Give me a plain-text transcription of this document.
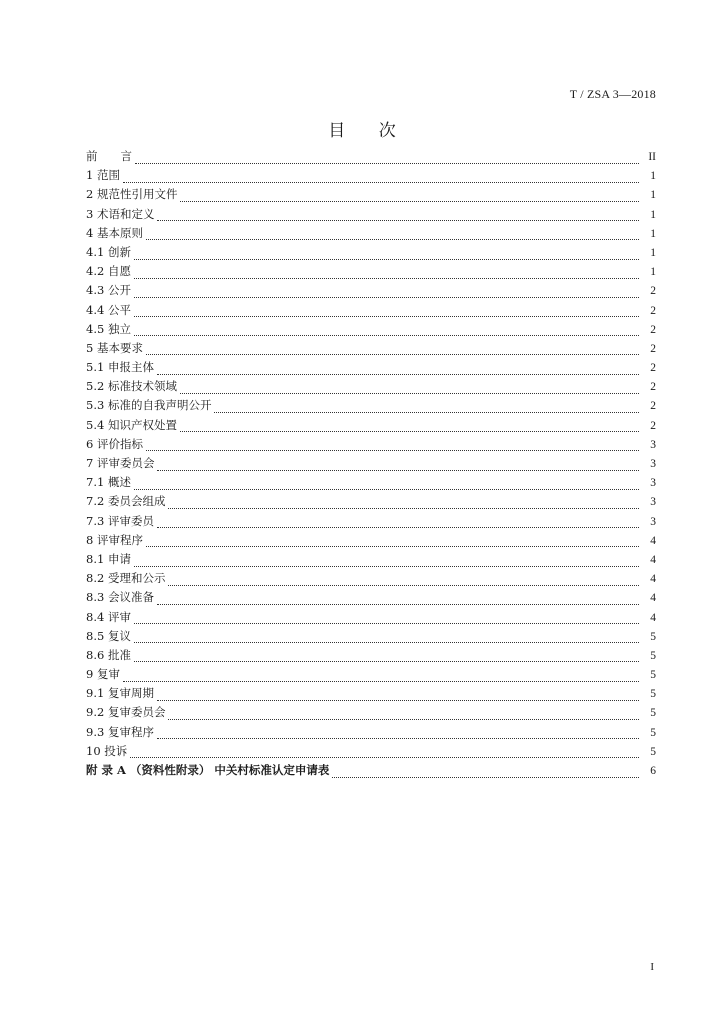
T / ZSA 3—2018
目 次
前　　言	II
1 范围	1
2 规范性引用文件	1
3 术语和定义	1
4 基本原则	1
4.1 创新	1
4.2 自愿	1
4.3 公开	2
4.4 公平	2
4.5 独立	2
5 基本要求	2
5.1 申报主体	2
5.2 标准技术领域	2
5.3 标准的自我声明公开	2
5.4 知识产权处置	2
6 评价指标	3
7 评审委员会	3
7.1 概述	3
7.2 委员会组成	3
7.3 评审委员	3
8 评审程序	4
8.1 申请	4
8.2 受理和公示	4
8.3 会议准备	4
8.4 评审	4
8.5 复议	5
8.6 批准	5
9 复审	5
9.1 复审周期	5
9.2 复审委员会	5
9.3 复审程序	5
10 投诉	5
附 录 A （资料性附录） 中关村标准认定申请表	6
I
